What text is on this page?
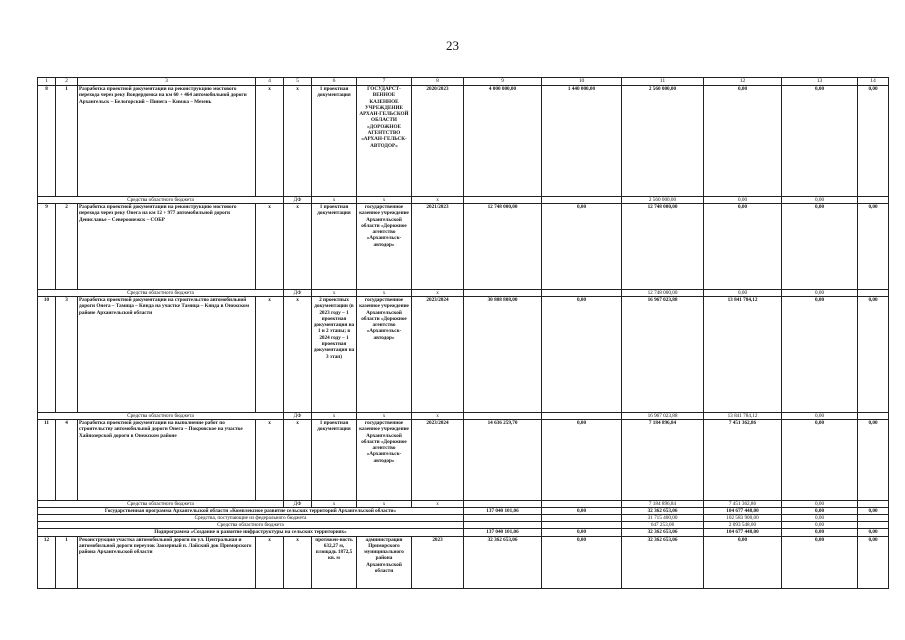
23
1	2	3	4	5	6	7	8	9	10	11	12	13	14
8	1	Разработка проектной документации на реконструкцию мостового перехода через реку Вондердомка на км 60 + 464 автомобильной дороги Архангельск – Белогорский – Пинега – Кимжа – Мезень	х	х	1 проектная документация	ГОСУДАРСТ-ВЕННОЕ КАЗЕННОЕ УЧРЕЖДЕНИЕ АРХАН-ГЕЛЬСКОЙ ОБЛАСТИ «ДОРОЖНОЕ АГЕНТСТВО «АРХАН-ГЕЛЬСК-АВТОДОР»	2020/2023	4 000 000,00	1 440 000,00	2 560 000,00	0,00	0,00	0,00
Средства областного бюджета				ДФ	х	х	х			2 560 000,00	0,00	0,00	
9	2	Разработка проектной документации на реконструкцию мостового перехода через реку Онега на км 12 + 977 автомобильной дороги Дениславье – Североонежск – СОБР	х	х	1 проектная документация	государственное казенное учреждение Архангельской области «Дорожное агентство «Архангельск-автодор»	2021/2023	12 748 000,00	0,00	12 748 000,00	0,00	0,00	0,00
Средства областного бюджета				ДФ	х	х	х			12 748 000,00	0,00	0,00	
10	3	Разработка проектной документации на строительство автомобильной дороги Онега – Тамица – Кянда на участке Тамица – Кянда в Онежском районе Архангельской области	х	х	2 проектных документации (в 2023 году – 1 проектная документация на 1 и 2 этапы; в 2024 году – 1 проектная документация на 3 этап)	государственное казенное учреждение Архангельской области «Дорожное агентство «Архангельск-автодор»	2023/2024	30 808 808,00	0,00	16 967 023,88	13 841 784,12	0,00	0,00
Средства областного бюджета				ДФ	х	х	х			16 967 023,88	13 841 784,12	0,00	
11	4	Разработка проектной документации на выполнение работ по строительству автомобильной дороги Онега – Покровское на участке Хайнозерской дороги в Онежском районе	х	х	1 проектная документация	государственное казенное учреждение Архангельской области «Дорожное агентство «Архангельск-автодор»	2023/2024	14 636 259,70	0,00	7 184 896,84	7 451 362,86	0,00	0,00
Средства областного бюджета				ДФ	х	х	х			7 184 896,84	7 451 362,86	0,00	
Государственная программа Архангельской области «Комплексное развитие сельских территорий Архангельской области»								137 040 101,06	0,00	32 362 653,06	104 677 448,00	0,00	0,00
Средства, поступающие из федерального бюджета										31 715 400,00	102 583 900,00	0,00	
Средства областного бюджета										647 253,06	2 093 548,00	0,00	
Подпрограмма «Создание и развитие инфраструктуры на сельских территориях»								137 040 101,06	0,00	32 362 653,06	104 677 448,00	0,00	0,00
12	1	Реконструкция участка автомобильной дороги по ул. Центральная и автомобильной дороги переулок Заозерный п. Лайский док Приморского района Архангельской области	х	х	протяжен-ность 632,27 м, площадь 1872,5 кв. м	администрация Приморского муниципального района Архангельской области	2023	32 362 653,06	0,00	32 362 653,06	0,00	0,00	0,00
